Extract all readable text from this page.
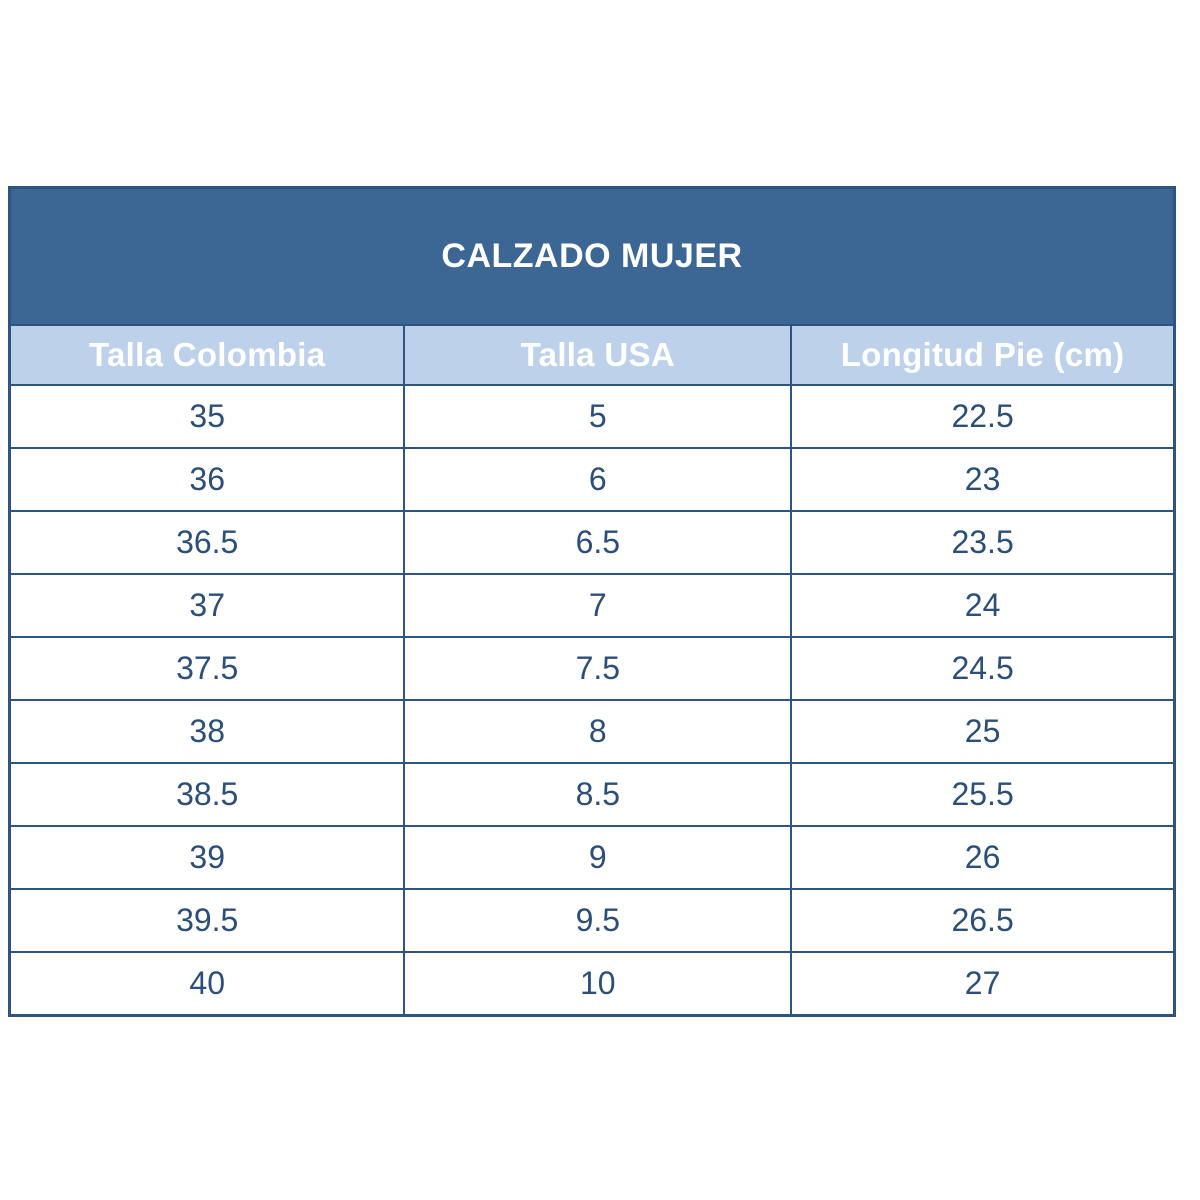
CALZADO MUJER		
Talla Colombia	Talla USA	Longitud Pie (cm)
35	5	22.5
36	6	23
36.5	6.5	23.5
37	7	24
37.5	7.5	24.5
38	8	25
38.5	8.5	25.5
39	9	26
39.5	9.5	26.5
40	10	27
